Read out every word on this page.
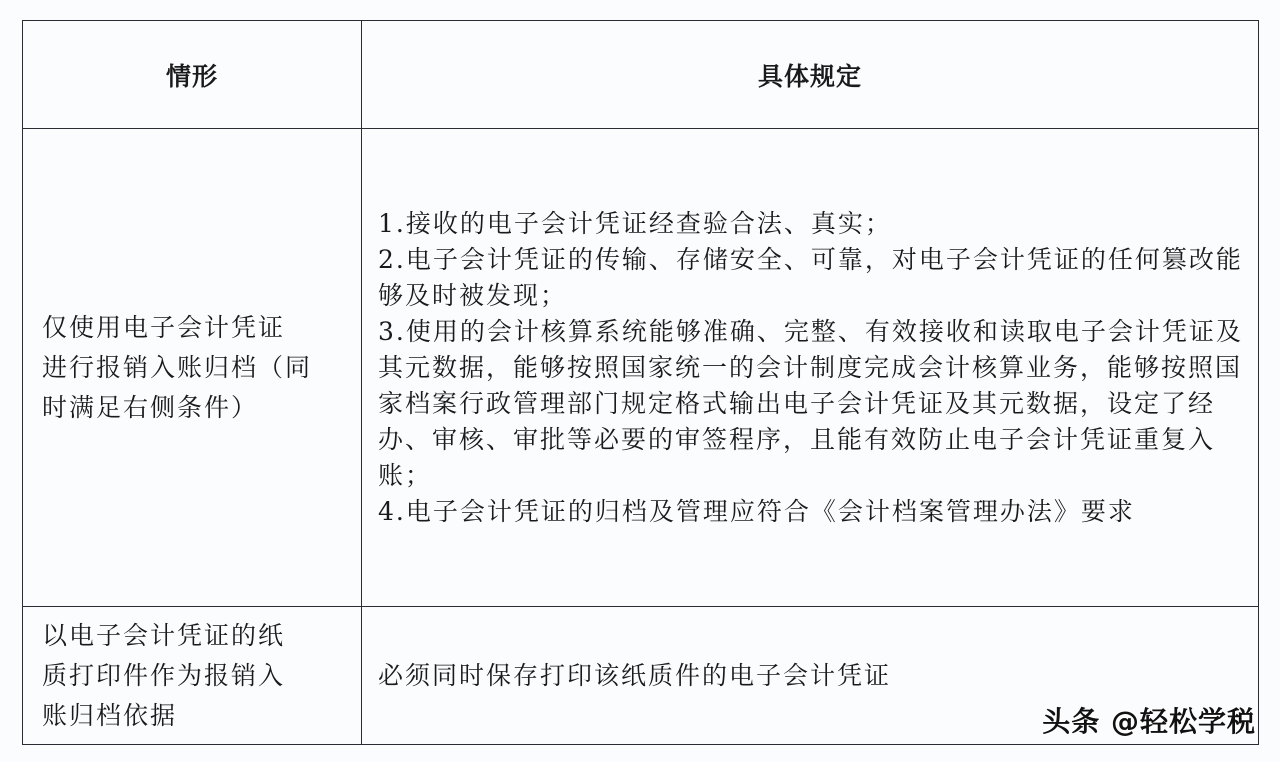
情形	具体规定
仅使用电子会计凭证
进行报销入账归档（同
时满足右侧条件）
1.接收的电子会计凭证经查验合法、真实；
2.电子会计凭证的传输、存储安全、可靠，对电子会计凭证的任何篡改能够及时被发现；
3.使用的会计核算系统能够准确、完整、有效接收和读取电子会计凭证及其元数据，能够按照国家统一的会计制度完成会计核算业务，能够按照国家档案行政管理部门规定格式输出电子会计凭证及其元数据，设定了经办、审核、审批等必要的审签程序，且能有效防止电子会计凭证重复入账；
4.电子会计凭证的归档及管理应符合《会计档案管理办法》要求
以电子会计凭证的纸
质打印件作为报销入
账归档依据
必须同时保存打印该纸质件的电子会计凭证
头条 @轻松学税
